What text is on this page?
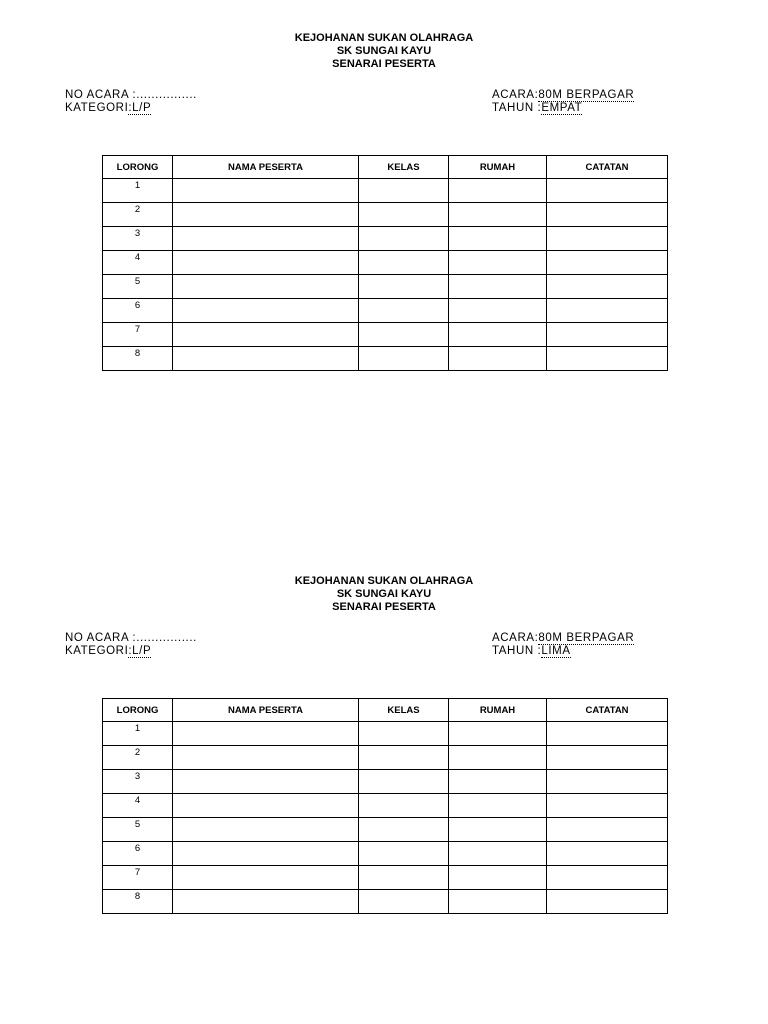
KEJOHANAN SUKAN OLAHRAGA
SK SUNGAI KAYU
SENARAI PESERTA
NO ACARA :................
KATEGORI:L/P
ACARA:80M BERPAGAR
TAHUN :EMPAT
LORONG	NAMA PESERTA	KELAS	RUMAH	CATATAN
1				
2				
3				
4				
5				
6				
7				
8				
KEJOHANAN SUKAN OLAHRAGA
SK SUNGAI KAYU
SENARAI PESERTA
NO ACARA :................
KATEGORI:L/P
ACARA:80M BERPAGAR
TAHUN :LIMA
LORONG	NAMA PESERTA	KELAS	RUMAH	CATATAN
1				
2				
3				
4				
5				
6				
7				
8				
